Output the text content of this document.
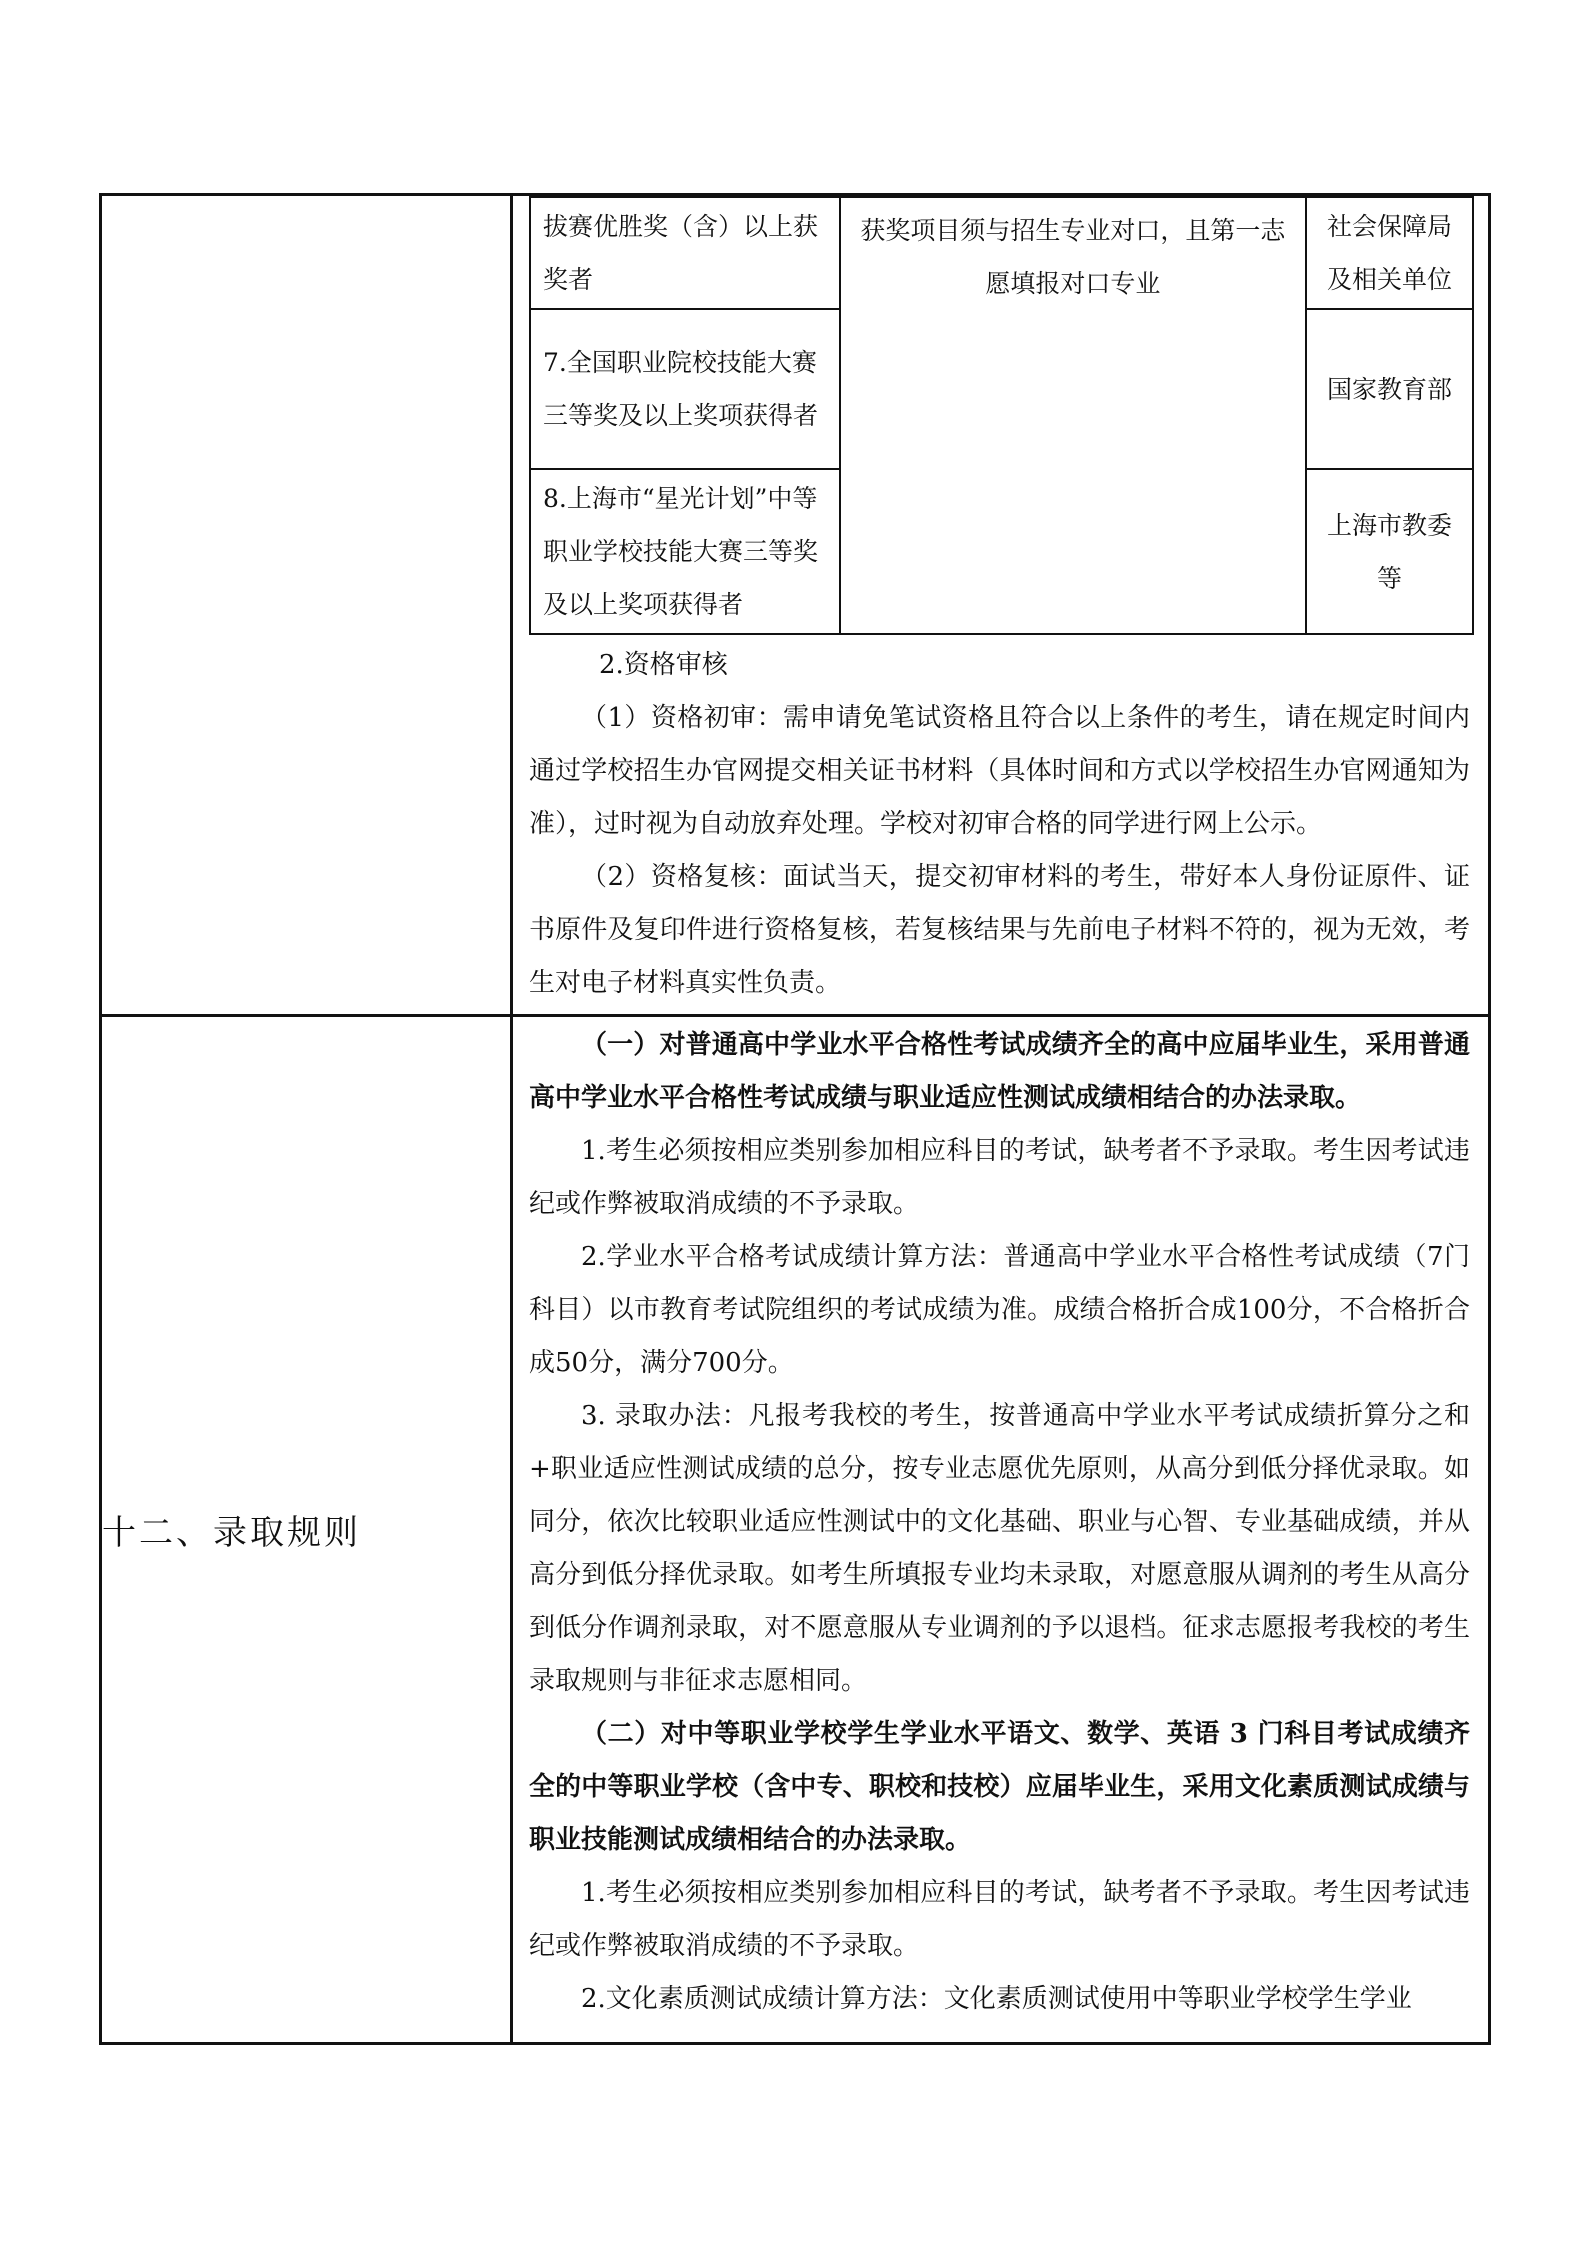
拔赛优胜奖（含）以上获奖者	获奖项目须与招生专业对口，且第一志愿填报对口专业	社会保障局及相关单位
7.全国职业院校技能大赛三等奖及以上奖项获得者	国家教育部
8.上海市“星光计划”中等职业学校技能大赛三等奖及以上奖项获得者	上海市教委等

2.资格审核

（1）资格初审：需申请免笔试资格且符合以上条件的考生，请在规定时间内通过学校招生办官网提交相关证书材料（具体时间和方式以学校招生办官网通知为准），过时视为自动放弃处理。学校对初审合格的同学进行网上公示。

（2）资格复核：面试当天，提交初审材料的考生，带好本人身份证原件、证书原件及复印件进行资格复核，若复核结果与先前电子材料不符的，视为无效，考生对电子材料真实性负责。

十二、录取规则	

（一）对普通高中学业水平合格性考试成绩齐全的高中应届毕业生，采用普通高中学业水平合格性考试成绩与职业适应性测试成绩相结合的办法录取。

1.考生必须按相应类别参加相应科目的考试，缺考者不予录取。考生因考试违纪或作弊被取消成绩的不予录取。

2.学业水平合格考试成绩计算方法：普通高中学业水平合格性考试成绩（7门科目）以市教育考试院组织的考试成绩为准。成绩合格折合成100分，不合格折合成50分，满分700分。

3. 录取办法：凡报考我校的考生，按普通高中学业水平考试成绩折算分之和+职业适应性测试成绩的总分，按专业志愿优先原则，从高分到低分择优录取。如同分，依次比较职业适应性测试中的文化基础、职业与心智、专业基础成绩，并从高分到低分择优录取。如考生所填报专业均未录取，对愿意服从调剂的考生从高分到低分作调剂录取，对不愿意服从专业调剂的予以退档。征求志愿报考我校的考生录取规则与非征求志愿相同。

（二）对中等职业学校学生学业水平语文、数学、英语 3 门科目考试成绩齐全的中等职业学校（含中专、职校和技校）应届毕业生，采用文化素质测试成绩与职业技能测试成绩相结合的办法录取。

1.考生必须按相应类别参加相应科目的考试，缺考者不予录取。考生因考试违纪或作弊被取消成绩的不予录取。

2.文化素质测试成绩计算方法：文化素质测试使用中等职业学校学生学业
